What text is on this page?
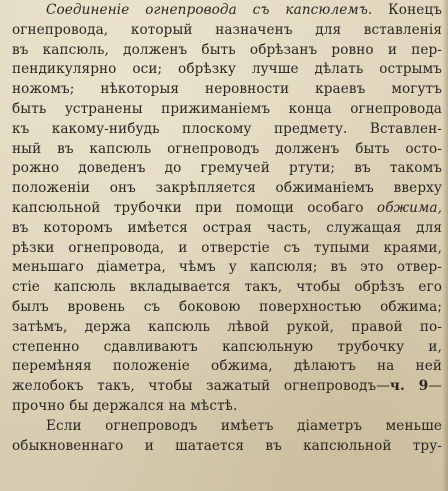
Соединеніе огнепровода съ капсюлемъ. Конецъ
огнепровода, который назначенъ для вставленія
въ капсюль, долженъ быть обрѣзанъ ровно и пер-
пендикулярно оси; обрѣзку лучше дѣлать острымъ
ножомъ; нѣкоторыя неровности краевъ могутъ
быть устранены прижиманіемъ конца огнепровода
къ какому-нибудь плоскому предмету. Вставлен-
ный въ капсюль огнепроводъ долженъ быть осто-
рожно доведенъ до гремучей ртути; въ такомъ
положеніи онъ закрѣпляется обжиманіемъ вверху
капсюльной трубочки при помощи особаго обжима,
въ которомъ имѣется острая часть, служащая для
рѣзки огнепровода, и отверстіе съ тупыми краями,
меньшаго діаметра, чѣмъ у капсюля; въ это отвер-
стіе капсюль вкладывается такъ, чтобы обрѣзъ его
былъ вровень съ боковою поверхностью обжима;
затѣмъ, держа капсюль лѣвой рукой, правой по-
степенно сдавливаютъ капсюльную трубочку и,
перемѣняя положеніе обжима, дѣлаютъ на ней
желобокъ такъ, чтобы зажатый огнепроводъ—ч. 9—
прочно бы держался на мѣстѣ.
Если огнепроводъ имѣетъ діаметръ меньше
обыкновеннаго и шатается въ капсюльной тру-
